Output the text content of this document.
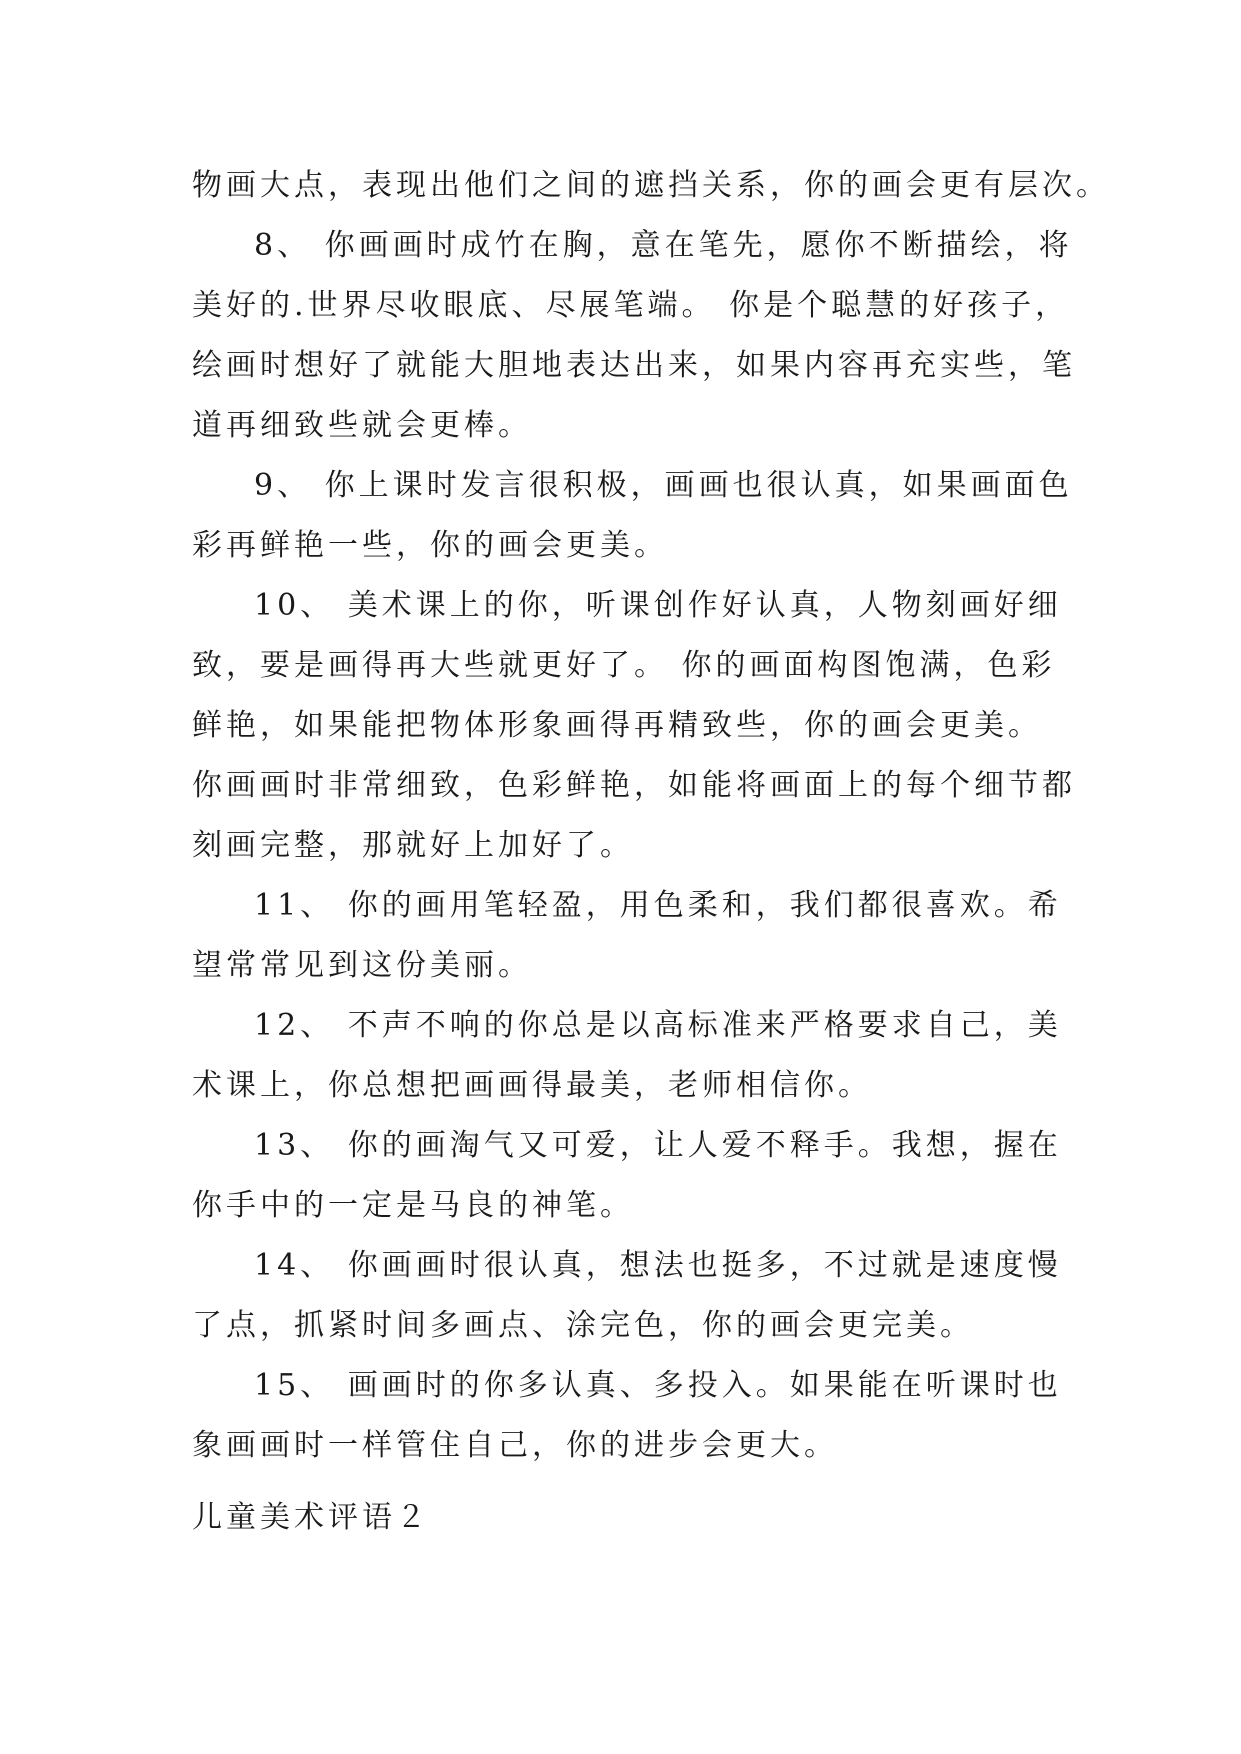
物画大点，表现出他们之间的遮挡关系，你的画会更有层次。
8、 你画画时成竹在胸，意在笔先，愿你不断描绘，将
美好的.世界尽收眼底、尽展笔端。 你是个聪慧的好孩子，
绘画时想好了就能大胆地表达出来，如果内容再充实些，笔
道再细致些就会更棒。
9、 你上课时发言很积极，画画也很认真，如果画面色
彩再鲜艳一些，你的画会更美。
10、 美术课上的你，听课创作好认真，人物刻画好细
致，要是画得再大些就更好了。 你的画面构图饱满，色彩
鲜艳，如果能把物体形象画得再精致些，你的画会更美。
你画画时非常细致，色彩鲜艳，如能将画面上的每个细节都
刻画完整，那就好上加好了。
11、 你的画用笔轻盈，用色柔和，我们都很喜欢。希
望常常见到这份美丽。
12、 不声不响的你总是以高标准来严格要求自己，美
术课上，你总想把画画得最美，老师相信你。
13、 你的画淘气又可爱，让人爱不释手。我想，握在
你手中的一定是马良的神笔。
14、 你画画时很认真，想法也挺多，不过就是速度慢
了点，抓紧时间多画点、涂完色，你的画会更完美。
15、 画画时的你多认真、多投入。如果能在听课时也
象画画时一样管住自己，你的进步会更大。
儿童美术评语２
